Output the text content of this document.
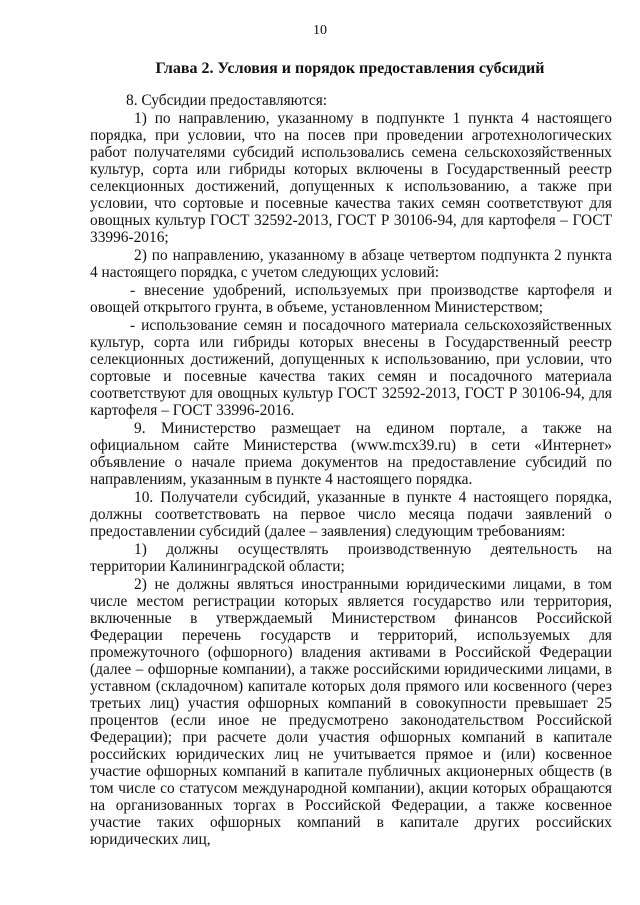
10
Глава 2. Условия и порядок предоставления субсидий

8. Субсидии предоставляются:

1) по направлению, указанному в подпункте 1 пункта 4 настоящего порядка, при условии, что на посев при проведении агротехнологических работ получателями субсидий использовались семена сельскохозяйственных культур, сорта или гибриды которых включены в Государственный реестр селекционных достижений, допущенных к использованию, а также при условии, что сортовые и посевные качества таких семян соответствуют для овощных культур ГОСТ 32592-2013, ГОСТ Р 30106-94, для картофеля – ГОСТ 33996-2016;

2) по направлению, указанному в абзаце четвертом подпункта 2 пункта 4 настоящего порядка, с учетом следующих условий:

- внесение удобрений, используемых при производстве картофеля и овощей открытого грунта, в объеме, установленном Министерством;

- использование семян и посадочного материала сельскохозяйственных культур, сорта или гибриды которых внесены в Государственный реестр селекционных достижений, допущенных к использованию, при условии, что сортовые и посевные качества таких семян и посадочного материала соответствуют для овощных культур ГОСТ 32592-2013, ГОСТ Р 30106-94, для картофеля – ГОСТ 33996-2016.

9. Министерство размещает на едином портале, а также на официальном сайте Министерства (www.mcx39.ru) в сети «Интернет» объявление о начале приема документов на предоставление субсидий по направлениям, указанным в пункте 4 настоящего порядка.

10. Получатели субсидий, указанные в пункте 4 настоящего порядка, должны соответствовать на первое число месяца подачи заявлений о предоставлении субсидий (далее – заявления) следующим требованиям:

1) должны осуществлять производственную деятельность на территории Калининградской области;

2) не должны являться иностранными юридическими лицами, в том числе местом регистрации которых является государство или территория, включенные в утверждаемый Министерством финансов Российской Федерации перечень государств и территорий, используемых для промежуточного (офшорного) владения активами в Российской Федерации (далее – офшорные компании), а также российскими юридическими лицами, в уставном (складочном) капитале которых доля прямого или косвенного (через третьих лиц) участия офшорных компаний в совокупности превышает 25 процентов (если иное не предусмотрено законодательством Российской Федерации); при расчете доли участия офшорных компаний в капитале российских юридических лиц не учитывается прямое и (или) косвенное участие офшорных компаний в капитале публичных акционерных обществ (в том числе со статусом международной компании), акции которых обращаются на организованных торгах в Российской Федерации, а также косвенное участие таких офшорных компаний в капитале других российских юридических лиц,
